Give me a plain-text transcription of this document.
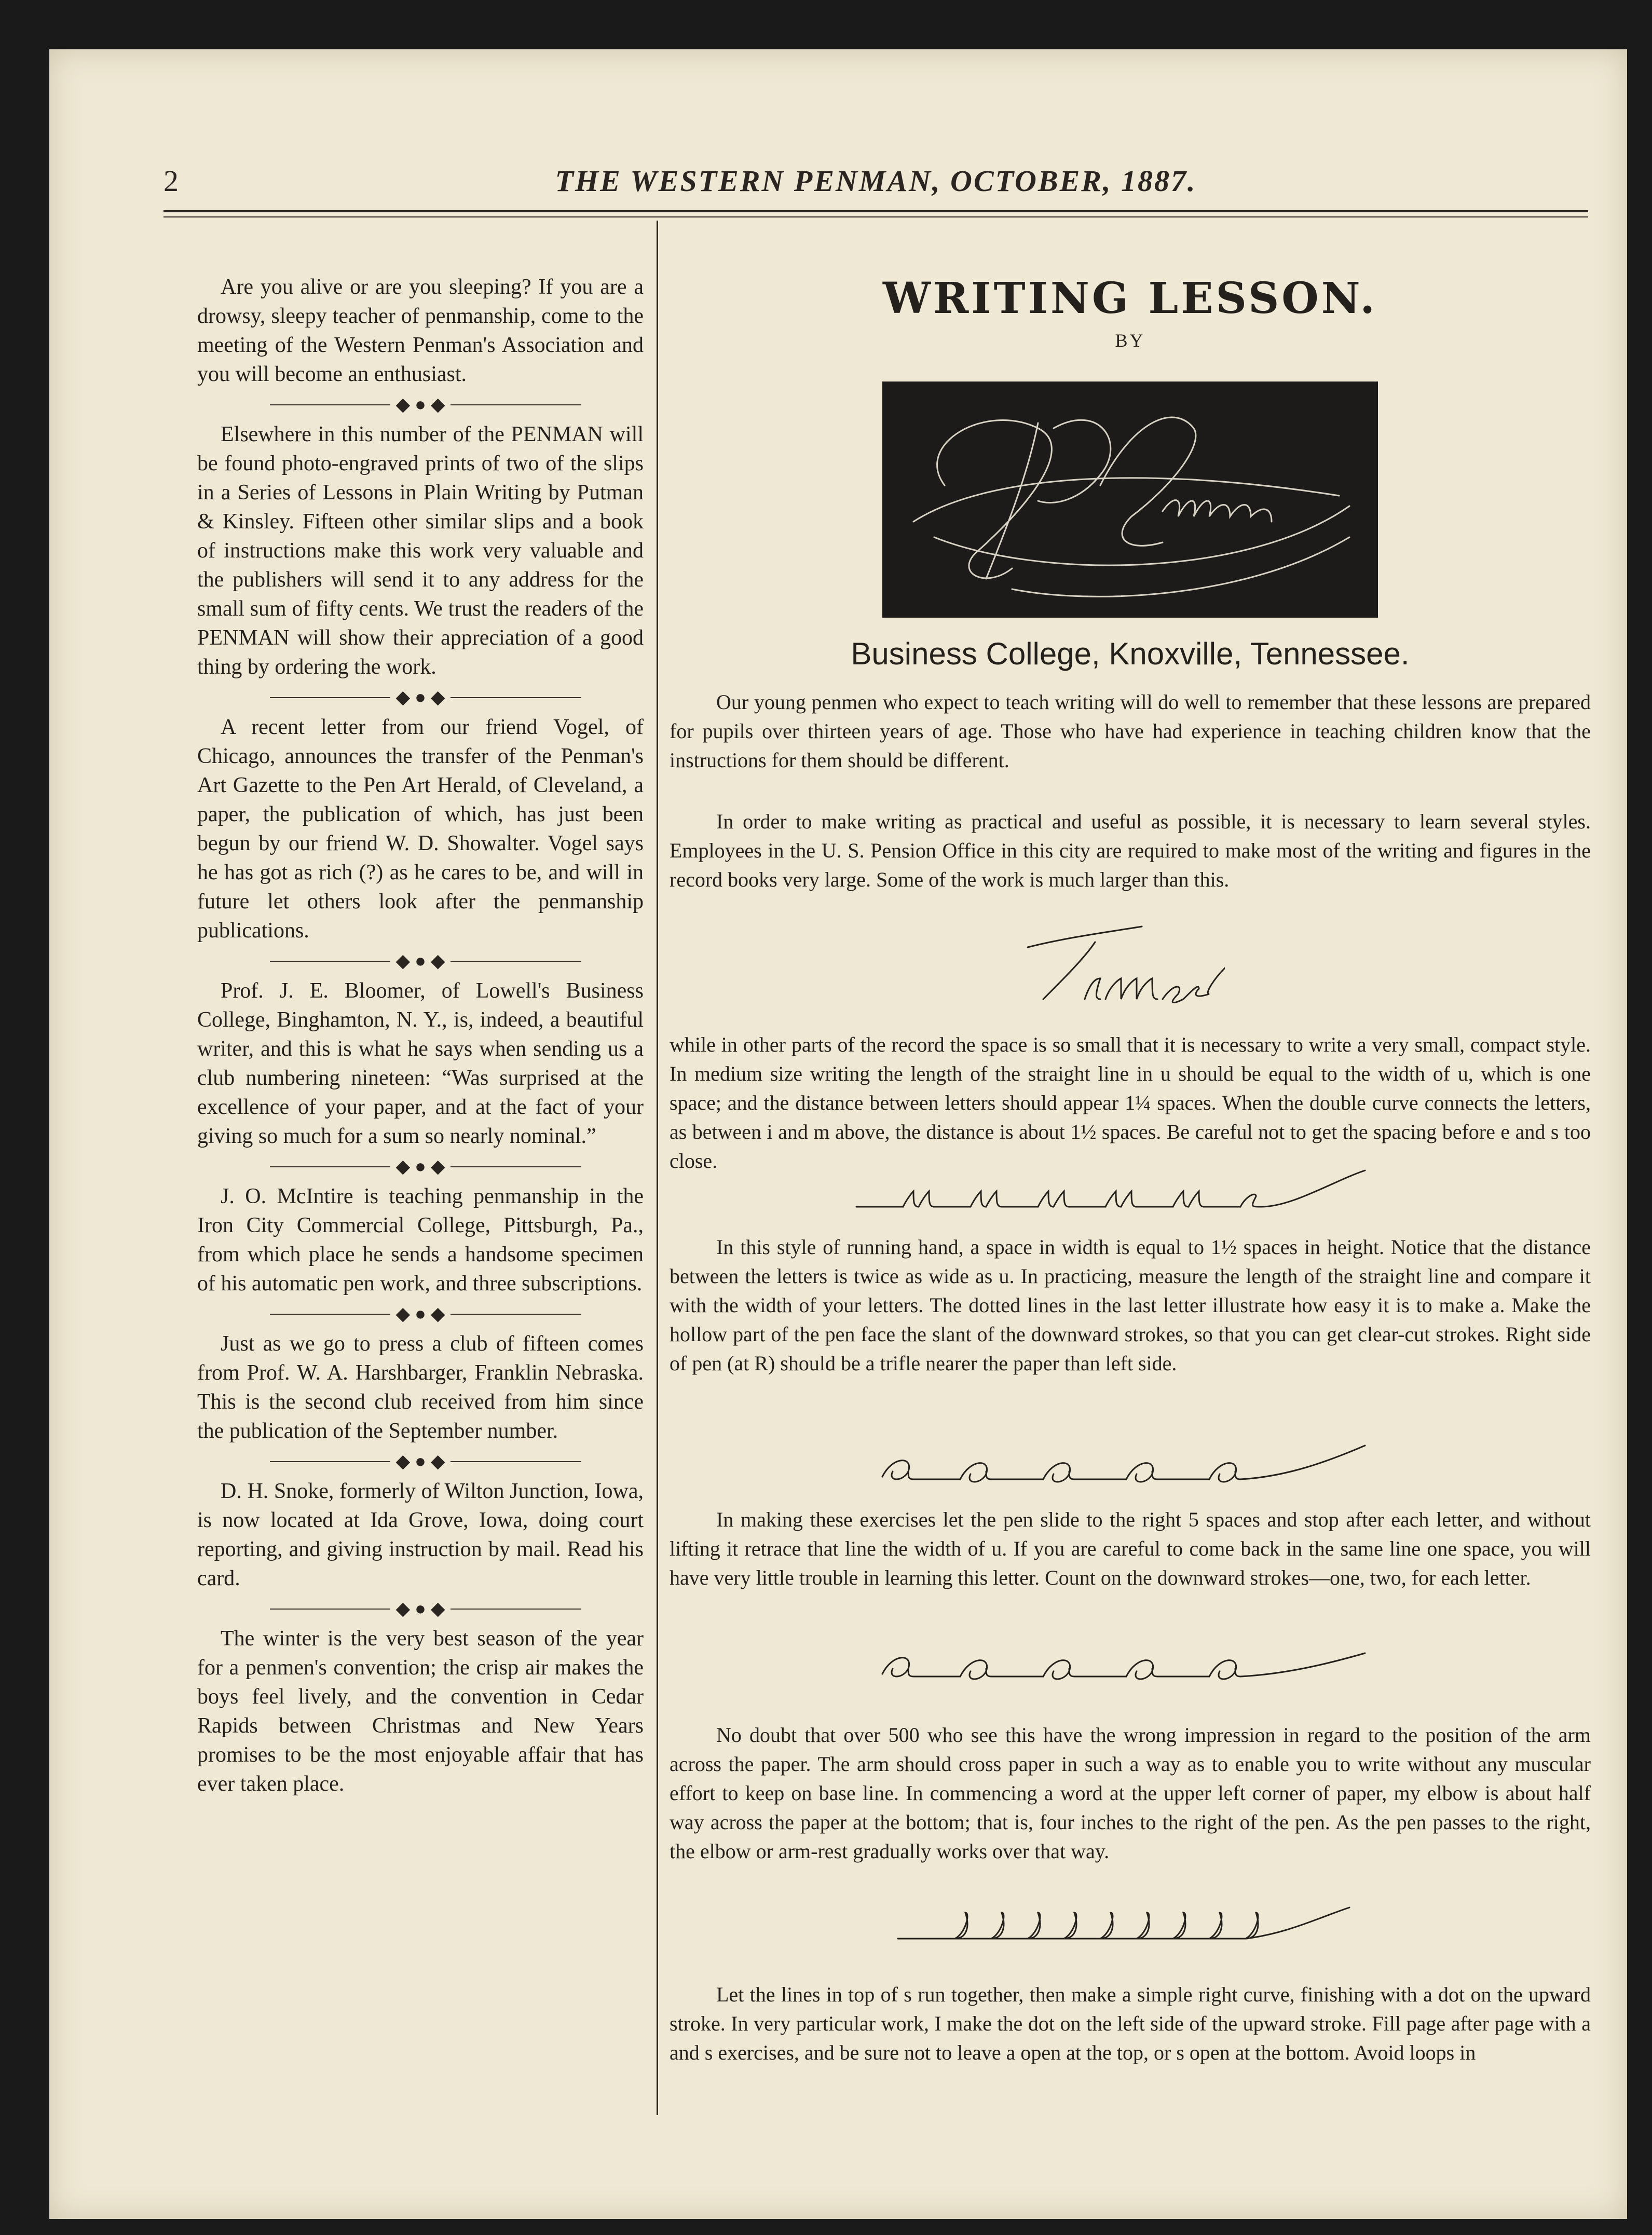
2	THE WESTERN PENMAN, OCTOBER, 1887.

Are you alive or are you sleeping? If you are a drowsy, sleepy teacher of penmanship, come to the meeting of the Western Penman's Association and you will become an enthusiast.

◆ ● ◆

Elsewhere in this number of the PENMAN will be found photo-engraved prints of two of the slips in a Series of Lessons in Plain Writing by Putman & Kinsley. Fifteen other similar slips and a book of instructions make this work very valuable and the publishers will send it to any address for the small sum of fifty cents. We trust the readers of the PENMAN will show their appreciation of a good thing by ordering the work.

◆ ● ◆

A recent letter from our friend Vogel, of Chicago, announces the transfer of the Penman's Art Gazette to the Pen Art Herald, of Cleveland, a paper, the publication of which, has just been begun by our friend W. D. Showalter. Vogel says he has got as rich (?) as he cares to be, and will in future let others look after the penmanship publications.

◆ ● ◆

Prof. J. E. Bloomer, of Lowell's Business College, Binghamton, N. Y., is, indeed, a beautiful writer, and this is what he says when sending us a club numbering nineteen: “Was surprised at the excellence of your paper, and at the fact of your giving so much for a sum so nearly nominal.”

◆ ● ◆

J. O. McIntire is teaching penmanship in the Iron City Commercial College, Pittsburgh, Pa., from which place he sends a handsome specimen of his automatic pen work, and three subscriptions.

◆ ● ◆

Just as we go to press a club of fifteen comes from Prof. W. A. Harshbarger, Franklin Nebraska. This is the second club received from him since the publication of the September number.

◆ ● ◆

D. H. Snoke, formerly of Wilton Junction, Iowa, is now located at Ida Grove, Iowa, doing court reporting, and giving instruction by mail. Read his card.

◆ ● ◆

The winter is the very best season of the year for a penmen's convention; the crisp air makes the boys feel lively, and the convention in Cedar Rapids between Christmas and New Years promises to be the most enjoyable affair that has ever taken place.

WRITING LESSON.
BY
Business College, Knoxville, Tennessee.

Our young penmen who expect to teach writing will do well to remember that these lessons are prepared for pupils over thirteen years of age. Those who have had experience in teaching children know that the instructions for them should be different.

In order to make writing as practical and useful as possible, it is necessary to learn several styles. Employees in the U. S. Pension Office in this city are required to make most of the writing and figures in the record books very large. Some of the work is much larger than this.

while in other parts of the record the space is so small that it is necessary to write a very small, compact style. In medium size writing the length of the straight line in u should be equal to the width of u, which is one space; and the distance between letters should appear 1¼ spaces. When the double curve connects the letters, as between i and m above, the distance is about 1½ spaces. Be careful not to get the spacing before e and s too close.

In this style of running hand, a space in width is equal to 1½ spaces in height. Notice that the distance between the letters is twice as wide as u. In practicing, measure the length of the straight line and compare it with the width of your letters. The dotted lines in the last letter illustrate how easy it is to make a. Make the hollow part of the pen face the slant of the downward strokes, so that you can get clear-cut strokes. Right side of pen (at R) should be a trifle nearer the paper than left side.

In making these exercises let the pen slide to the right 5 spaces and stop after each letter, and without lifting it retrace that line the width of u. If you are careful to come back in the same line one space, you will have very little trouble in learning this letter. Count on the downward strokes—one, two, for each letter.

No doubt that over 500 who see this have the wrong impression in regard to the position of the arm across the paper. The arm should cross paper in such a way as to enable you to write without any muscular effort to keep on base line. In commencing a word at the upper left corner of paper, my elbow is about half way across the paper at the bottom; that is, four inches to the right of the pen. As the pen passes to the right, the elbow or arm-rest gradually works over that way.

Let the lines in top of s run together, then make a simple right curve, finishing with a dot on the upward stroke. In very particular work, I make the dot on the left side of the upward stroke. Fill page after page with a and s exercises, and be sure not to leave a open at the top, or s open at the bottom. Avoid loops in
